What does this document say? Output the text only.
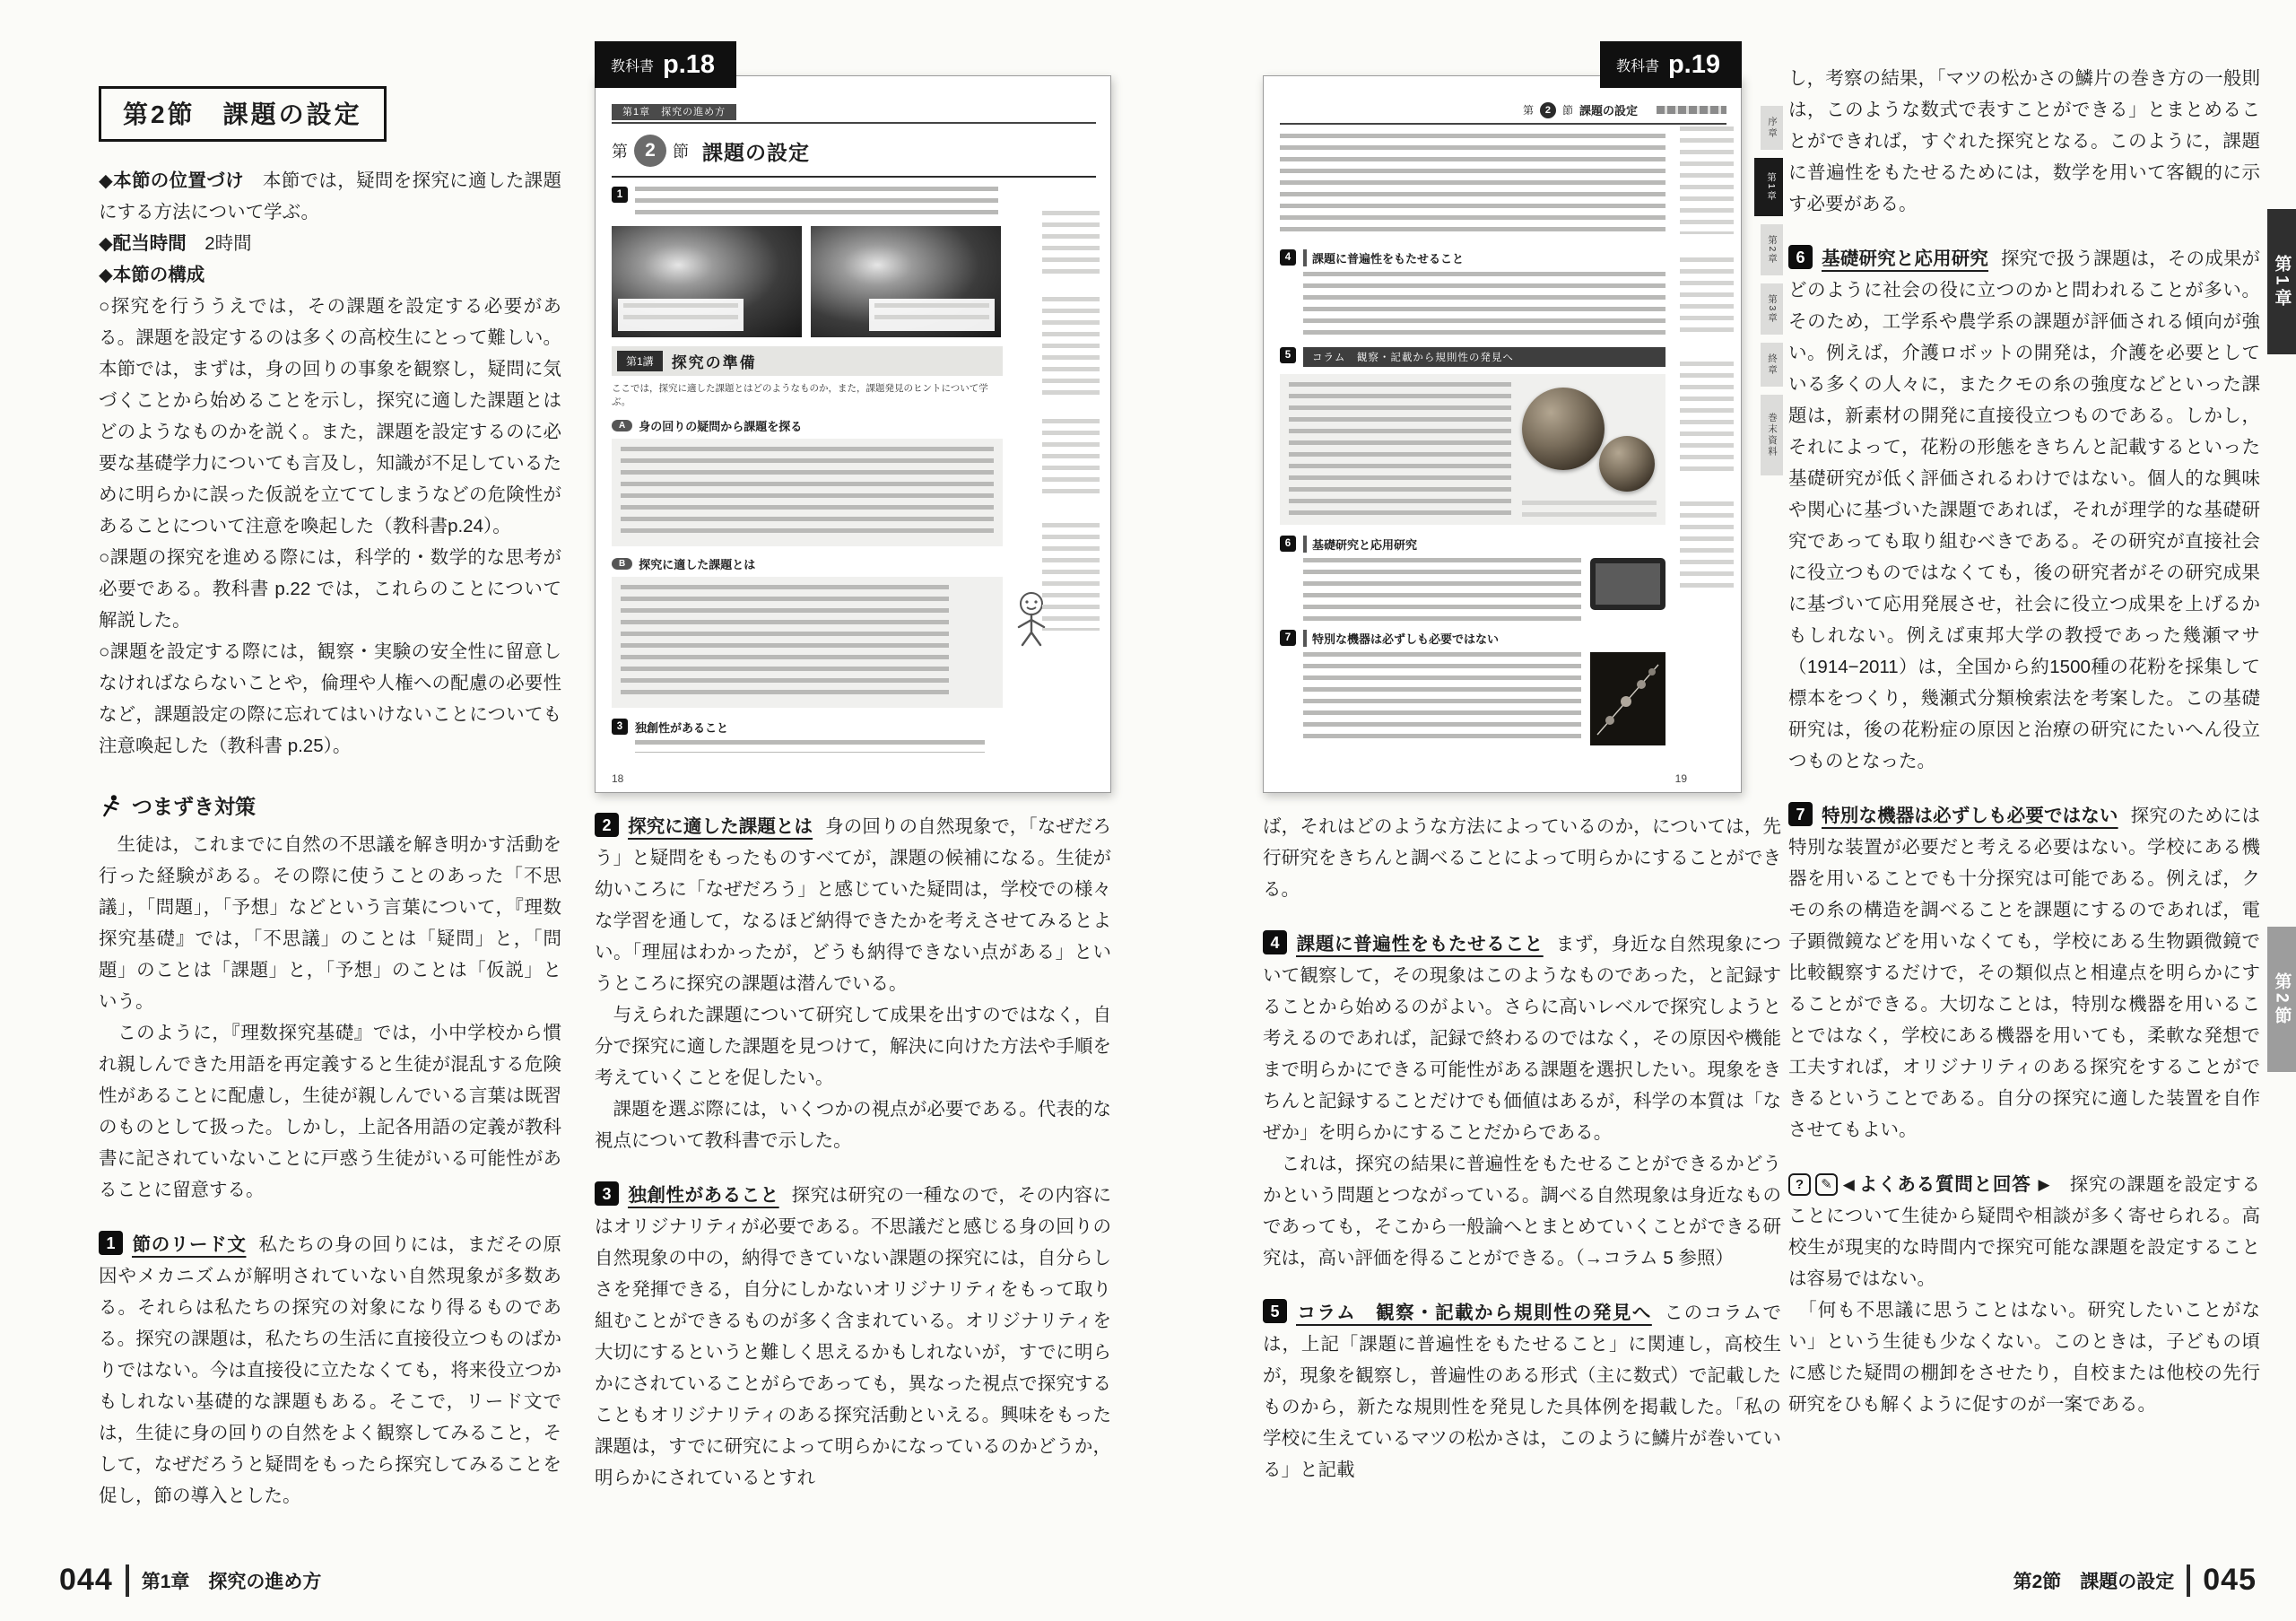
第2節　課題の設定

◆本節の位置づけ　本節では，疑問を探究に適した課題にする方法について学ぶ。

◆配当時間　2時間

◆本節の構成

○探究を行ううえでは，その課題を設定する必要がある。課題を設定するのは多くの高校生にとって難しい。本節では，まずは，身の回りの事象を観察し，疑問に気づくことから始めることを示し，探究に適した課題とはどのようなものかを説く。また，課題を設定するのに必要な基礎学力についても言及し，知識が不足しているために明らかに誤った仮説を立ててしまうなどの危険性があることについて注意を喚起した（教科書p.24）。

○課題の探究を進める際には，科学的・数学的な思考が必要である。教科書 p.22 では，これらのことについて解説した。

○課題を設定する際には，観察・実験の安全性に留意しなければならないことや，倫理や人権への配慮の必要性など，課題設定の際に忘れてはいけないことについても注意喚起した（教科書 p.25）。

つまずき対策

　生徒は，これまでに自然の不思議を解き明かす活動を行った経験がある。その際に使うことのあった「不思議」，「問題」，「予想」などという言葉について，『理数探究基礎』では，「不思議」のことは「疑問」と，「問題」のことは「課題」と，「予想」のことは「仮説」という。

　このように，『理数探究基礎』では，小中学校から慣れ親しんできた用語を再定義すると生徒が混乱する危険性があることに配慮し，生徒が親しんでいる言葉は既習のものとして扱った。しかし，上記各用語の定義が教科書に記されていないことに戸惑う生徒がいる可能性があることに留意する。

1 節のリード文 私たちの身の回りには，まだその原因やメカニズムが解明されていない自然現象が多数ある。それらは私たちの探究の対象になり得るものである。探究の課題は，私たちの生活に直接役立つものばかりではない。今は直接役に立たなくても，将来役立つかもしれない基礎的な課題もある。そこで，リード文では，生徒に身の回りの自然をよく観察してみること，そして，なぜだろうと疑問をもったら探究してみることを促し，節の導入とした。

教科書 p.18
第1章　探究の進め方
第 2	節 課題の設定
1
第1講	探究の準備
ここでは，探究に適した課題とはどのようなものか，また，課題発見のヒントについて学ぶ。
A	身の回りの疑問から課題を探る
B	探究に適した課題とは
3	独創性があること
18

2 探究に適した課題とは 身の回りの自然現象で，「なぜだろう」と疑問をもったものすべてが，課題の候補になる。生徒が幼いころに「なぜだろう」と感じていた疑問は，学校での様々な学習を通して，なるほど納得できたかを考えさせてみるとよい。「理屈はわかったが，どうも納得できない点がある」というところに探究の課題は潜んでいる。

　与えられた課題について研究して成果を出すのではなく，自分で探究に適した課題を見つけて，解決に向けた方法や手順を考えていくことを促したい。

　課題を選ぶ際には，いくつかの視点が必要である。代表的な視点について教科書で示した。

3 独創性があること 探究は研究の一種なので，その内容にはオリジナリティが必要である。不思議だと感じる身の回りの自然現象の中の，納得できていない課題の探究には，自分らしさを発揮できる，自分にしかないオリジナリティをもって取り組むことができるものが多く含まれている。オリジナリティを大切にするというと難しく思えるかもしれないが，すでに明らかにされていることがらであっても，異なった視点で探究することもオリジナリティのある探究活動といえる。興味をもった課題は，すでに研究によって明らかになっているのかどうか，明らかにされているとすれ

教科書 p.19
第	2	節 課題の設定
4	課題に普遍性をもたせること
5	コラム　観察・記載から規則性の発見へ
6	基礎研究と応用研究
7	特別な機器は必ずしも必要ではない
19
序章
第1章
第2章
第3章
終章
巻末資料

ば，それはどのような方法によっているのか，については，先行研究をきちんと調べることによって明らかにすることができる。

4 課題に普遍性をもたせること まず，身近な自然現象について観察して，その現象はこのようなものであった，と記録することから始めるのがよい。さらに高いレベルで探究しようと考えるのであれば，記録で終わるのではなく，その原因や機能まで明らかにできる可能性がある課題を選択したい。現象をきちんと記録することだけでも価値はあるが，科学の本質は「なぜか」を明らかにすることだからである。

　これは，探究の結果に普遍性をもたせることができるかどうかという問題とつながっている。調べる自然現象は身近なものであっても，そこから一般論へとまとめていくことができる研究は，高い評価を得ることができる。（→コラム 5 参照）

5 コラム　観察・記載から規則性の発見へ このコラムでは，上記「課題に普遍性をもたせること」に関連し，高校生が，現象を観察し，普遍性のある形式（主に数式）で記載したものから，新たな規則性を発見した具体例を掲載した。「私の学校に生えているマツの松かさは，このように鱗片が巻いている」と記載

し，考察の結果，「マツの松かさの鱗片の巻き方の一般則は，このような数式で表すことができる」とまとめることができれば，すぐれた探究となる。このように，課題に普遍性をもたせるためには，数学を用いて客観的に示す必要がある。

6 基礎研究と応用研究 探究で扱う課題は，その成果がどのように社会の役に立つのかと問われることが多い。そのため，工学系や農学系の課題が評価される傾向が強い。例えば，介護ロボットの開発は，介護を必要としている多くの人々に，またクモの糸の強度などといった課題は，新素材の開発に直接役立つものである。しかし，それによって，花粉の形態をきちんと記載するといった基礎研究が低く評価されるわけではない。個人的な興味や関心に基づいた課題であれば，それが理学的な基礎研究であっても取り組むべきである。その研究が直接社会に役立つものではなくても，後の研究者がその研究成果に基づいて応用発展させ，社会に役立つ成果を上げるかもしれない。例えば東邦大学の教授であった幾瀬マサ（1914−2011）は，全国から約1500種の花粉を採集して標本をつくり，幾瀬式分類検索法を考案した。この基礎研究は，後の花粉症の原因と治療の研究にたいへん役立つものとなった。

7 特別な機器は必ずしも必要ではない 探究のためには特別な装置が必要だと考える必要はない。学校にある機器を用いることでも十分探究は可能である。例えば，クモの糸の構造を調べることを課題にするのであれば，電子顕微鏡などを用いなくても，学校にある生物顕微鏡で比較観察するだけで，その類似点と相違点を明らかにすることができる。大切なことは，特別な機器を用いることではなく，学校にある機器を用いても，柔軟な発想で工夫すれば，オリジナリティのある探究をすることができるということである。自分の探究に適した装置を自作させてもよい。

? ✎ ◀ よくある質問と回答 ▶　探究の課題を設定することについて生徒から疑問や相談が多く寄せられる。高校生が現実的な時間内で探究可能な課題を設定することは容易ではない。

　「何も不思議に思うことはない。研究したいことがない」という生徒も少なくない。このときは，子どもの頃に感じた疑問の棚卸をさせたり，自校または他校の先行研究をひも解くように促すのが一案である。

第1章
第2節
044 第1章　探究の進め方	第2節　課題の設定 045
